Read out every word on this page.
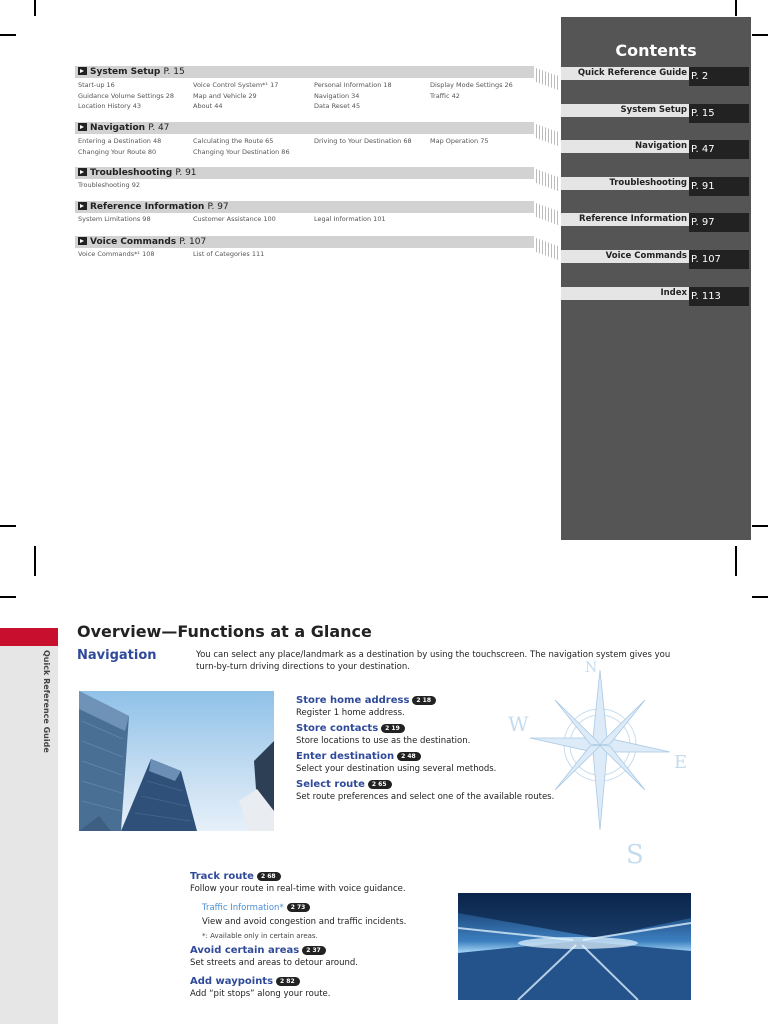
System Setup P. 15
Start-up 16	Voice Control System*¹ 17	Personal Information 18	Display Mode Settings 26
Guidance Volume Settings 28	Map and Vehicle 29	Navigation 34	Traffic 42
Location History 43	About 44	Data Reset 45
Navigation P. 47
Entering a Destination 48	Calculating the Route 65	Driving to Your Destination 68	Map Operation 75
Changing Your Route 80	Changing Your Destination 86
Troubleshooting P. 91
Troubleshooting 92
Reference Information P. 97
System Limitations 98	Customer Assistance 100	Legal Information 101
Voice Commands P. 107
Voice Commands*¹ 108	List of Categories 111
Contents
Quick Reference Guide P. 2
System Setup P. 15
Navigation P. 47
Troubleshooting P. 91
Reference Information P. 97
Voice Commands P. 107
Index P. 113
Quick Reference Guide
Overview—Functions at a Glance
Navigation	You can select any place/landmark as a destination by using the touchscreen. The navigation system gives you turn-by-turn driving directions to your destination.	N
W
E
S
Store home address 2 18
Register 1 home address.
Store contacts 2 19
Store locations to use as the destination.
Enter destination 2 48
Select your destination using several methods.
Select route 2 65
Set route preferences and select one of the available routes.
Track route 2 68
Follow your route in real-time with voice guidance.
Traffic Information* 2 73
View and avoid congestion and traffic incidents.
*: Available only in certain areas.
Avoid certain areas 2 37
Set streets and areas to detour around.
Add waypoints 2 82
Add “pit stops” along your route.
